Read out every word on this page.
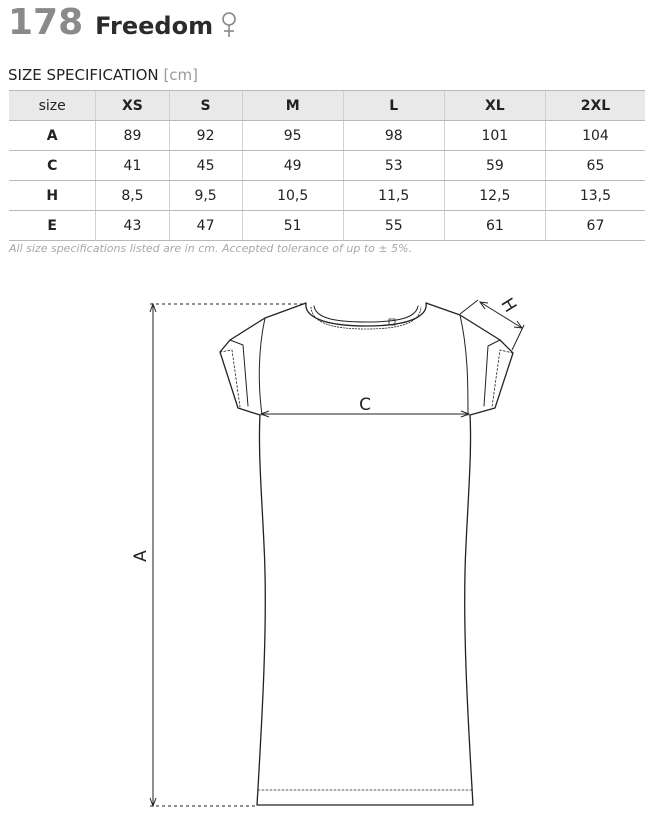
178 Freedom
SIZE SPECIFICATION [cm]
size	XS	S	M	L	XL	2XL
A	89	92	95	98	101	104
C	41	45	49	53	59	65
H	8,5	9,5	10,5	11,5	12,5	13,5
E	43	47	51	55	61	67
All size specifications listed are in cm. Accepted tolerance of up to ± 5%.
A
C
H
